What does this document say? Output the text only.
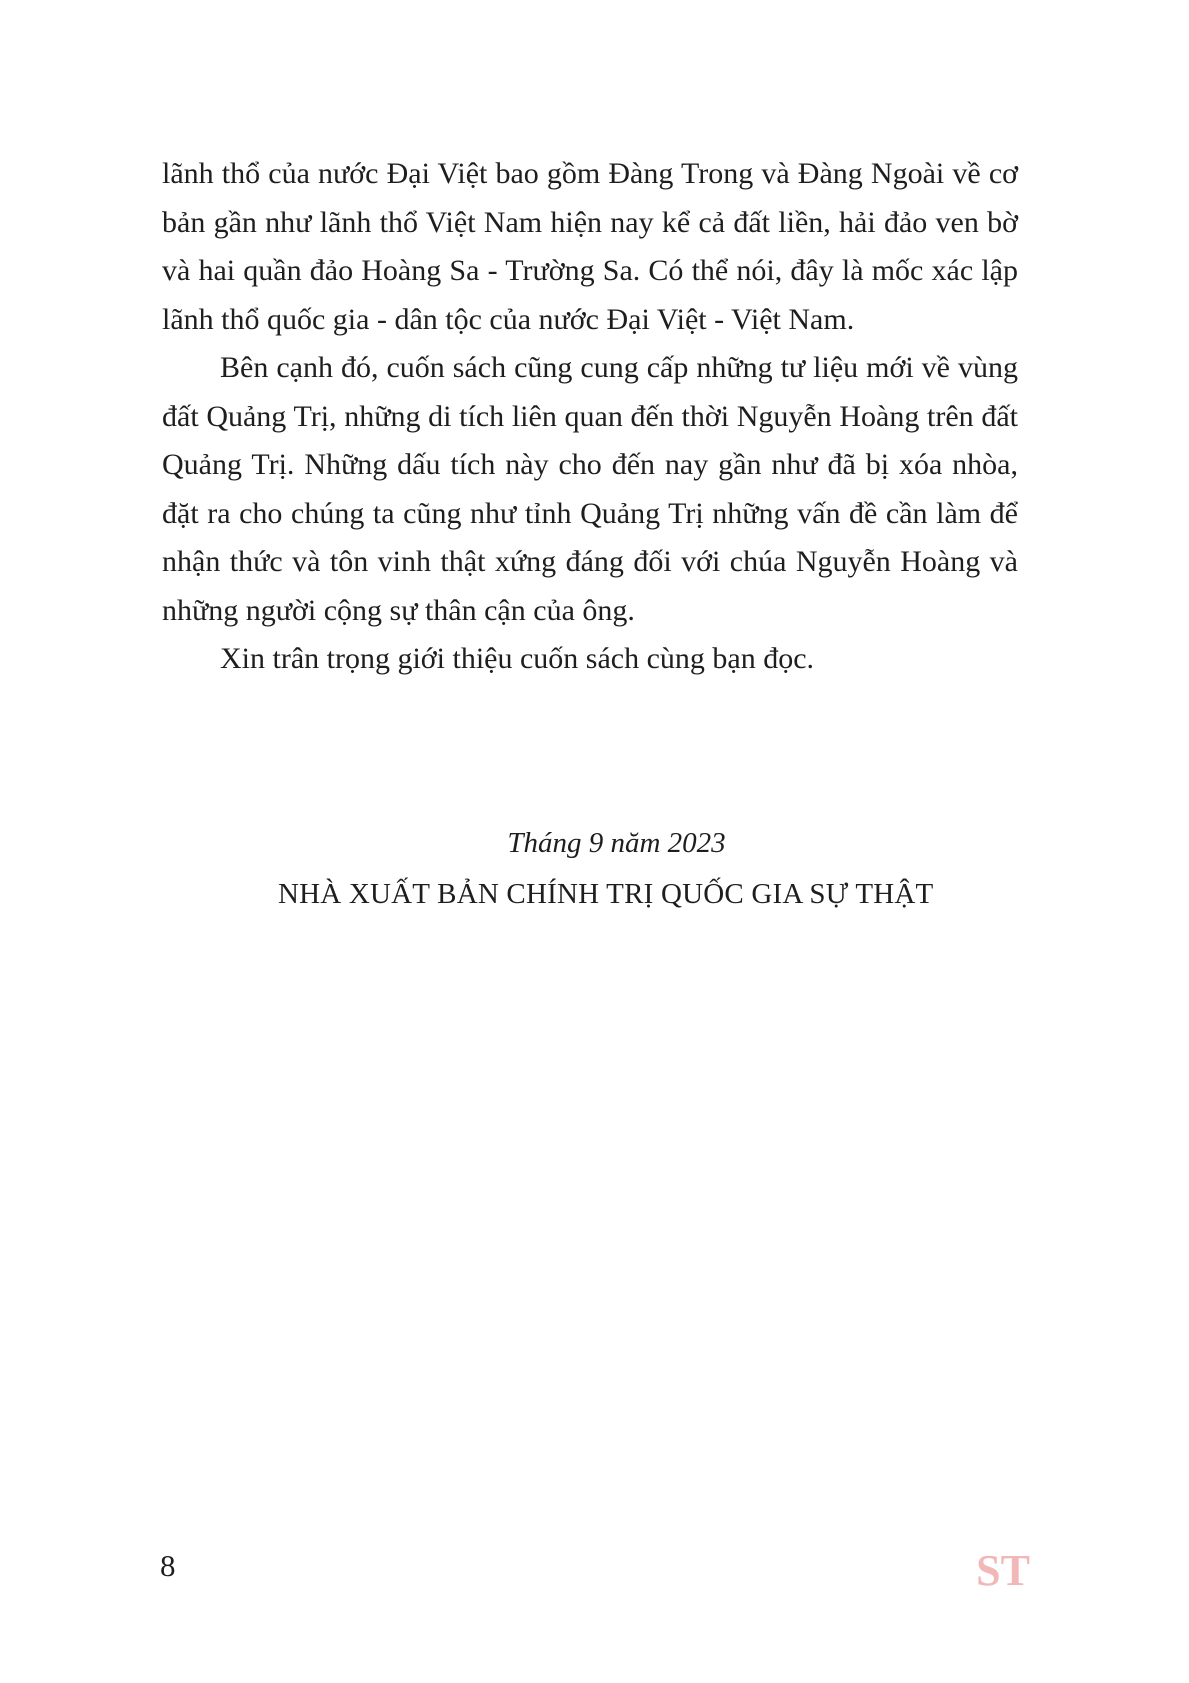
lãnh thổ của nước Đại Việt bao gồm Đàng Trong và Đàng Ngoài về cơ bản gần như lãnh thổ Việt Nam hiện nay kể cả đất liền, hải đảo ven bờ và hai quần đảo Hoàng Sa - Trường Sa. Có thể nói, đây là mốc xác lập lãnh thổ quốc gia - dân tộc của nước Đại Việt - Việt Nam.

Bên cạnh đó, cuốn sách cũng cung cấp những tư liệu mới về vùng đất Quảng Trị, những di tích liên quan đến thời Nguyễn Hoàng trên đất Quảng Trị. Những dấu tích này cho đến nay gần như đã bị xóa nhòa, đặt ra cho chúng ta cũng như tỉnh Quảng Trị những vấn đề cần làm để nhận thức và tôn vinh thật xứng đáng đối với chúa Nguyễn Hoàng và những người cộng sự thân cận của ông.

Xin trân trọng giới thiệu cuốn sách cùng bạn đọc.

Tháng 9 năm 2023
NHÀ XUẤT BẢN CHÍNH TRỊ QUỐC GIA SỰ THẬT
8	ST
